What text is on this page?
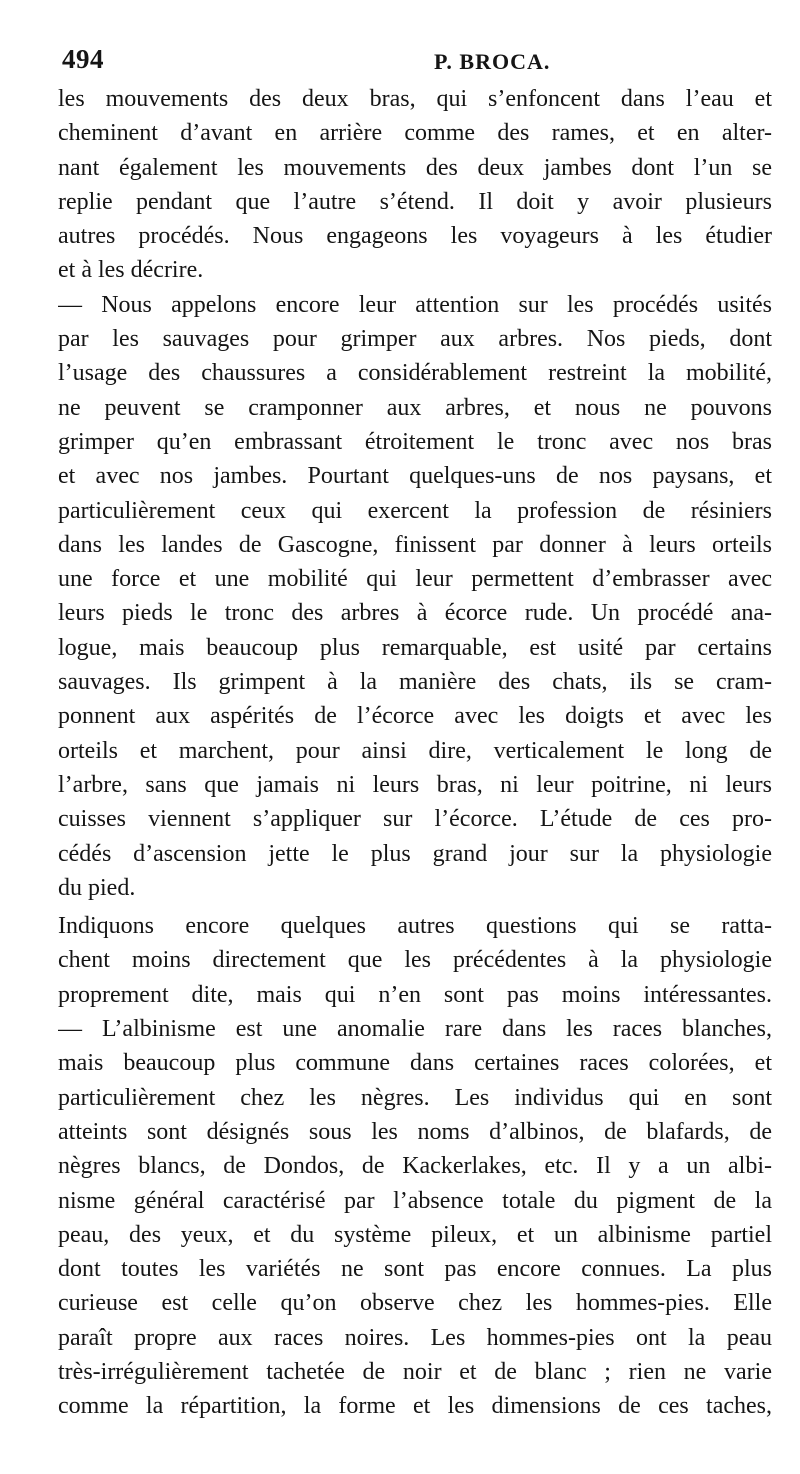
494	P. BROCA.
les mouvements des deux bras, qui s’enfoncent dans l’eau et
cheminent d’avant en arrière comme des rames, et en alter-
nant également les mouvements des deux jambes dont l’un se
replie pendant que l’autre s’étend. Il doit y avoir plusieurs
autres procédés. Nous engageons les voyageurs à les étudier
et à les décrire.
— Nous appelons encore leur attention sur les procédés usités
par les sauvages pour grimper aux arbres. Nos pieds, dont
l’usage des chaussures a considérablement restreint la mobilité,
ne peuvent se cramponner aux arbres, et nous ne pouvons
grimper qu’en embrassant étroitement le tronc avec nos bras
et avec nos jambes. Pourtant quelques-uns de nos paysans, et
particulièrement ceux qui exercent la profession de résiniers
dans les landes de Gascogne, finissent par donner à leurs orteils
une force et une mobilité qui leur permettent d’embrasser avec
leurs pieds le tronc des arbres à écorce rude. Un procédé ana-
logue, mais beaucoup plus remarquable, est usité par certains
sauvages. Ils grimpent à la manière des chats, ils se cram-
ponnent aux aspérités de l’écorce avec les doigts et avec les
orteils et marchent, pour ainsi dire, verticalement le long de
l’arbre, sans que jamais ni leurs bras, ni leur poitrine, ni leurs
cuisses viennent s’appliquer sur l’écorce. L’étude de ces pro-
cédés d’ascension jette le plus grand jour sur la physiologie
du pied.
Indiquons encore quelques autres questions qui se ratta-
chent moins directement que les précédentes à la physiologie
proprement dite, mais qui n’en sont pas moins intéressantes.
— L’albinisme est une anomalie rare dans les races blanches,
mais beaucoup plus commune dans certaines races colorées, et
particulièrement chez les nègres. Les individus qui en sont
atteints sont désignés sous les noms d’albinos, de blafards, de
nègres blancs, de Dondos, de Kackerlakes, etc. Il y a un albi-
nisme général caractérisé par l’absence totale du pigment de la
peau, des yeux, et du système pileux, et un albinisme partiel
dont toutes les variétés ne sont pas encore connues. La plus
curieuse est celle qu’on observe chez les hommes-pies. Elle
paraît propre aux races noires. Les hommes-pies ont la peau
très-irrégulièrement tachetée de noir et de blanc ; rien ne varie
comme la répartition, la forme et les dimensions de ces taches,
